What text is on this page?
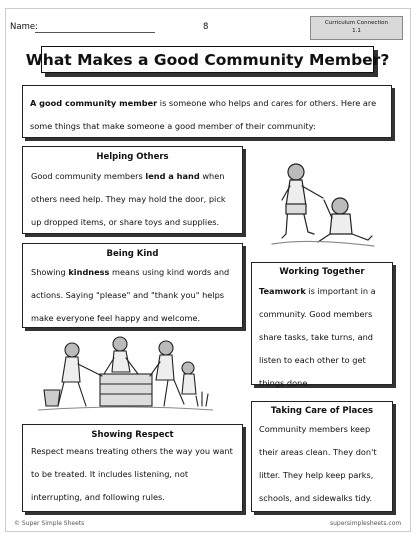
Name:	8	Curriculum Connection
1.1
What Makes a Good Community Member?

A good community member is someone who helps and cares for others. Here are some things that make someone a good member of their community:

Helping Others

Good community members lend a hand when others need help. They may hold the door, pick up dropped items, or share toys and supplies.

Being Kind

Showing kindness means using kind words and actions. Saying "please" and "thank you" helps make everyone feel happy and welcome.

Working Together

Teamwork is important in a community. Good members share tasks, take turns, and listen to each other to get things done.

Showing Respect

Respect means treating others the way you want to be treated. It includes listening, not interrupting, and following rules.

Taking Care of Places

Community members keep their areas clean. They don't litter. They help keep parks, schools, and sidewalks tidy.

© Super Simple Sheets	supersimplesheets.com
